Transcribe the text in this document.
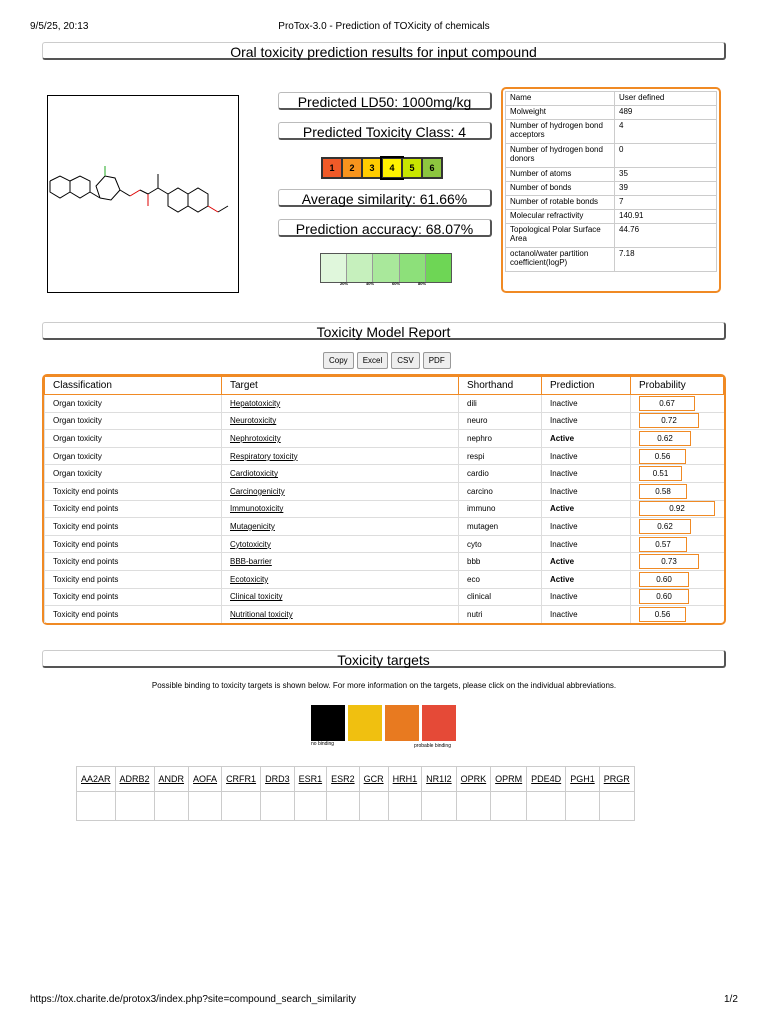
9/5/25, 20:13	ProTox-3.0 - Prediction of TOXicity of chemicals
Oral toxicity prediction results for input compound
Predicted LD50: 1000mg/kg
Predicted Toxicity Class: 4
1	2	3	4	5	6
Average similarity: 61.66%
Prediction accuracy: 68.07%
20%	40%	60%	80%
Name	User defined
Molweight	489
Number of hydrogen bond acceptors	4
Number of hydrogen bond donors	0
Number of atoms	35
Number of bonds	39
Number of rotable bonds	7
Molecular refractivity	140.91
Topological Polar Surface Area	44.76
octanol/water partition coefficient(logP)	7.18
Toxicity Model Report
Copy	Excel	CSV	PDF
Classification	Target	Shorthand	Prediction	Probability
Organ toxicity	Hepatotoxicity	dili	Inactive	0.67
Organ toxicity	Neurotoxicity	neuro	Inactive	0.72
Organ toxicity	Nephrotoxicity	nephro	Active	0.62
Organ toxicity	Respiratory toxicity	respi	Inactive	0.56
Organ toxicity	Cardiotoxicity	cardio	Inactive	0.51
Toxicity end points	Carcinogenicity	carcino	Inactive	0.58
Toxicity end points	Immunotoxicity	immuno	Active	0.92
Toxicity end points	Mutagenicity	mutagen	Inactive	0.62
Toxicity end points	Cytotoxicity	cyto	Inactive	0.57
Toxicity end points	BBB-barrier	bbb	Active	0.73
Toxicity end points	Ecotoxicity	eco	Active	0.60
Toxicity end points	Clinical toxicity	clinical	Inactive	0.60
Toxicity end points	Nutritional toxicity	nutri	Inactive	0.56
Toxicity targets
Possible binding to toxicity targets is shown below. For more information on the targets, please click on the individual abbreviations.
no binding	probable binding
AA2AR	ADRB2	ANDR	AOFA	CRFR1	DRD3	ESR1	ESR2	GCR	HRH1	NR1I2	OPRK	OPRM	PDE4D	PGH1	PRGR

https://tox.charite.de/protox3/index.php?site=compound_search_similarity	1/2
